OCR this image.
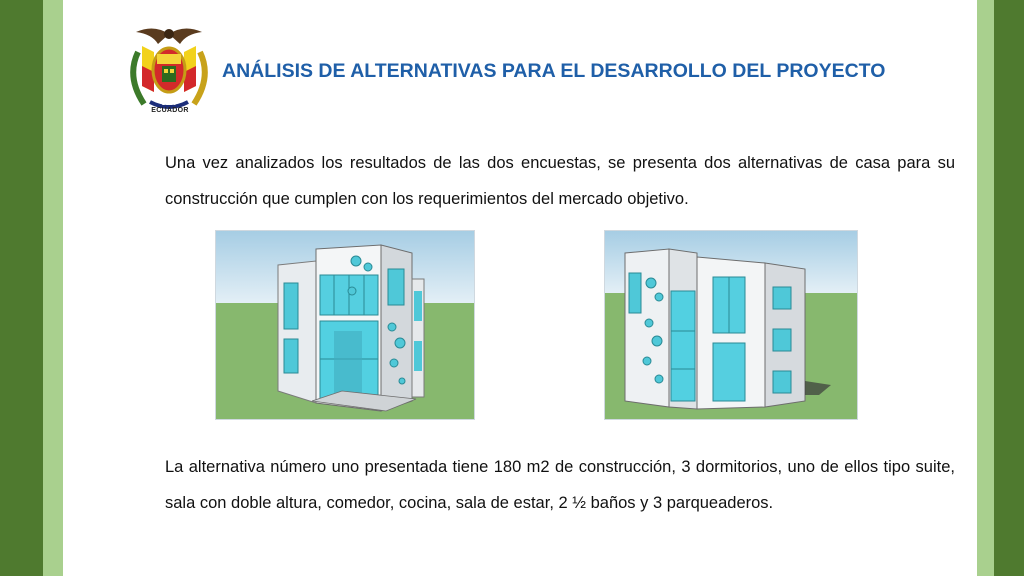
1820
ECUADOR
ANÁLISIS DE ALTERNATIVAS PARA EL DESARROLLO DEL PROYECTO
Una vez analizados los resultados de las dos encuestas, se presenta dos alternativas de casa para su construcción que cumplen con los requerimientos del mercado objetivo.
La alternativa número uno presentada tiene 180 m2 de construcción, 3 dormitorios, uno de ellos tipo suite, sala con doble altura, comedor, cocina, sala de estar, 2 ½ baños y 3 parqueaderos.
